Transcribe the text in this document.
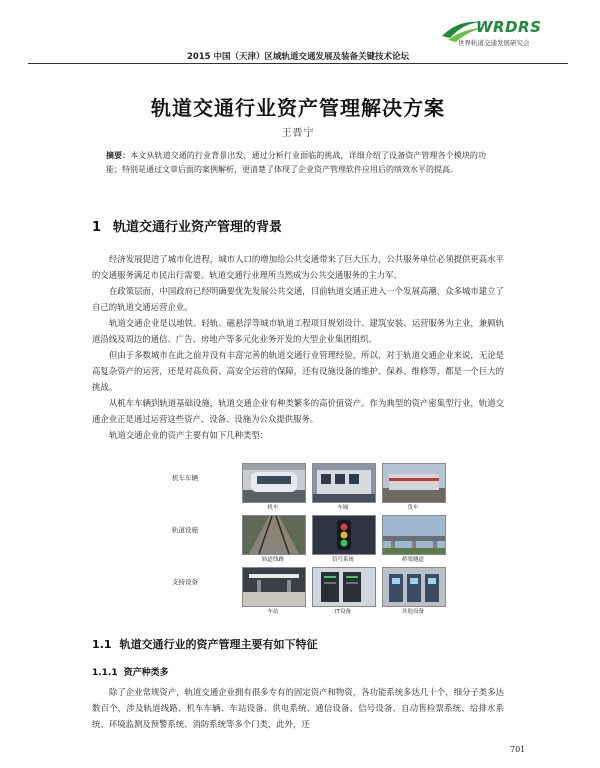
WRDRS
世界轨道交通发展研究会
2015 中国（天津）区域轨道交通发展及装备关键技术论坛
轨道交通行业资产管理解决方案
王晋宁
摘要：本文从轨道交通的行业背景出发，通过分析行业面临的挑战，详细介绍了设备资产管理各个模块的功能；特别是通过文章后面的案例解析，更清楚了体现了企业资产管理软件应用后的绩效水平的提高。
1 轨道交通行业资产管理的背景

经济发展促进了城市化进程，城市人口的增加给公共交通带来了巨大压力，公共服务单位必须提供更高水平的交通服务满足市民出行需要。轨道交通行业理所当然成为公共交通服务的主力军。

在政策层面，中国政府已经明确要优先发展公共交通，目前轨道交通正进入一个发展高潮，众多城市建立了自己的轨道交通运营企业。

轨道交通企业是以地铁、轻轨、磁悬浮等城市轨道工程项目规划设计、建筑安装、运营服务为主业，兼顾轨道沿线及周边的通信、广告、房地产等多元化业务开发的大型企业集团组织。

但由于多数城市在此之前并没有丰富完善的轨道交通行业管理经验，所以，对于轨道交通企业来说，无论是高复杂资产的运营，还是对高负荷、高安全运营的保障，还有设施设备的维护、保养、维修等，都是一个巨大的挑战。

从机车车辆到轨道基础设施，轨道交通企业有种类繁多的高价值资产。作为典型的资产密集型行业，轨道交通企业正是通过运营这些资产、设备、设施为公众提供服务。

轨道交通企业的资产主要有如下几种类型：

机车车辆
机车	车厢	货车
轨道设施
轨道线路	信号系统	桥梁隧道
支持设备
车站	IT设备	其他设备
1.1 轨道交通行业的资产管理主要有如下特征
1.1.1 资产种类多

除了企业常规资产，轨道交通企业拥有很多专有的固定资产和物资，各功能系统多达几十个，细分子类多达数百个，涉及轨道线路、机车车辆、车站设备、供电系统、通信设备、信号设备、自动售检票系统、给排水系统、环境监测及预警系统、消防系统等多个门类，此外，还

701
